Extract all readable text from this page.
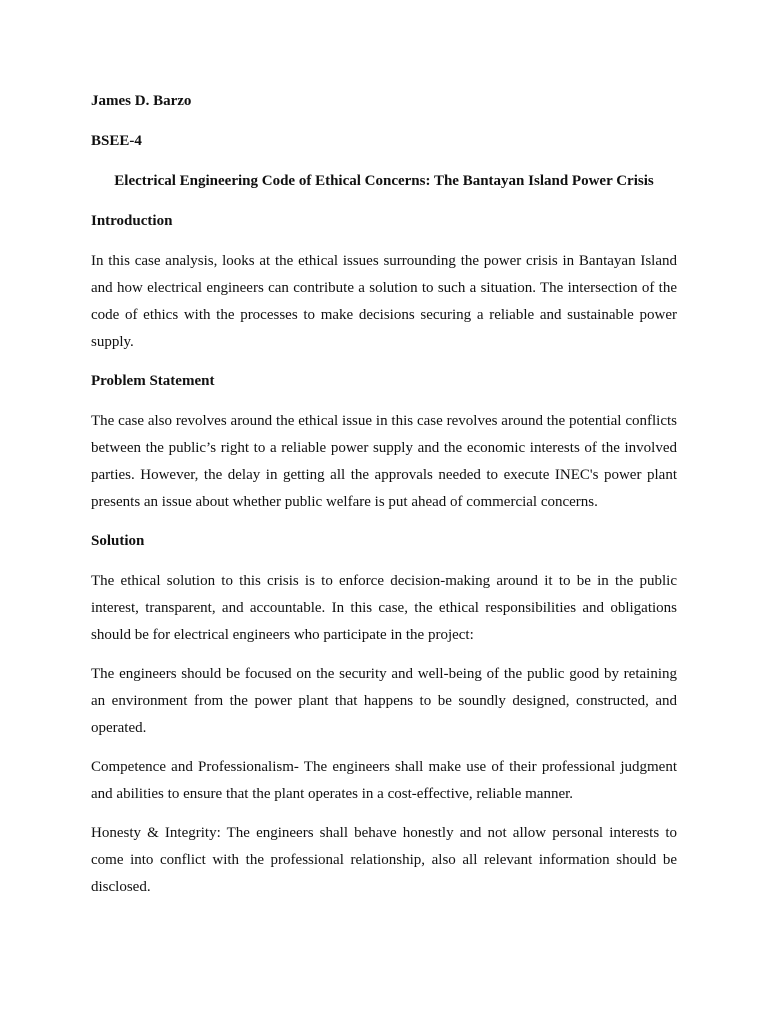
James D. Barzo

BSEE-4

Electrical Engineering Code of Ethical Concerns: The Bantayan Island Power Crisis

Introduction

In this case analysis, looks at the ethical issues surrounding the power crisis in Bantayan Island and how electrical engineers can contribute a solution to such a situation. The intersection of the code of ethics with the processes to make decisions securing a reliable and sustainable power supply.

Problem Statement

The case also revolves around the ethical issue in this case revolves around the potential conflicts between the public’s right to a reliable power supply and the economic interests of the involved parties. However, the delay in getting all the approvals needed to execute INEC's power plant presents an issue about whether public welfare is put ahead of commercial concerns.

Solution

The ethical solution to this crisis is to enforce decision-making around it to be in the public interest, transparent, and accountable. In this case, the ethical responsibilities and obligations should be for electrical engineers who participate in the project:

The engineers should be focused on the security and well-being of the public good by retaining an environment from the power plant that happens to be soundly designed, constructed, and operated.

Competence and Professionalism- The engineers shall make use of their professional judgment and abilities to ensure that the plant operates in a cost-effective, reliable manner.

Honesty & Integrity: The engineers shall behave honestly and not allow personal interests to come into conflict with the professional relationship, also all relevant information should be disclosed.
